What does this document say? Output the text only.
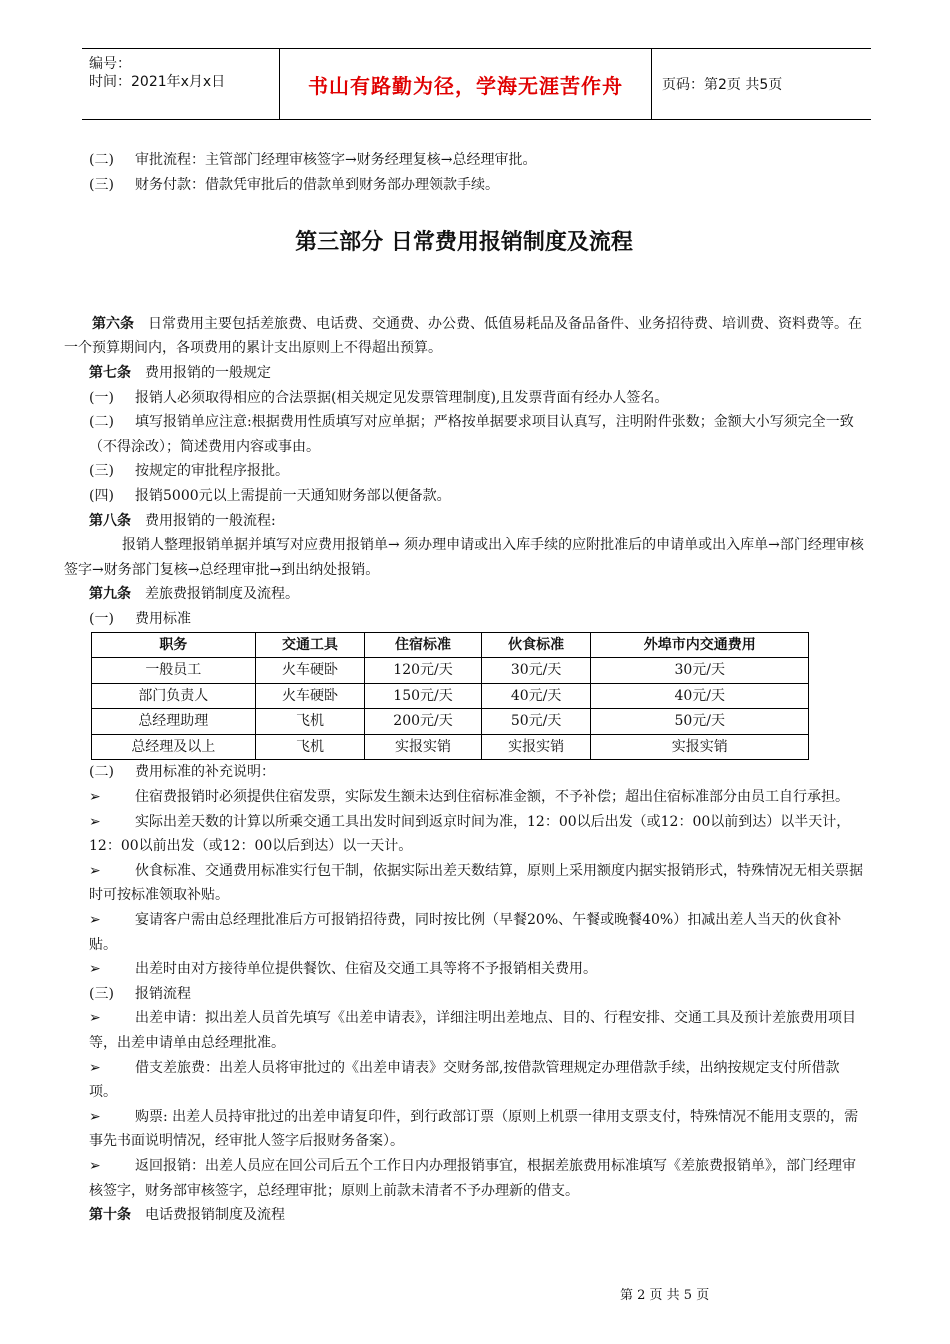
编号：
时间：2021年x月x日	书山有路勤为径，学海无涯苦作舟	页码：第2页 共5页

(二) 审批流程：主管部门经理审核签字→财务经理复核→总经理审批。

(三) 财务付款：借款凭审批后的借款单到财务部办理领款手续。

第三部分 日常费用报销制度及流程

第六条 日常费用主要包括差旅费、电话费、交通费、办公费、低值易耗品及备品备件、业务招待费、培训费、资料费等。在一个预算期间内，各项费用的累计支出原则上不得超出预算。

第七条 费用报销的一般规定

(一) 报销人必须取得相应的合法票据(相关规定见发票管理制度),且发票背面有经办人签名。

(二) 填写报销单应注意:根据费用性质填写对应单据；严格按单据要求项目认真写，注明附件张数；金额大小写须完全一致（不得涂改）；简述费用内容或事由。

(三) 按规定的审批程序报批。

(四) 报销5000元以上需提前一天通知财务部以便备款。

第八条 费用报销的一般流程:

报销人整理报销单据并填写对应费用报销单→ 须办理申请或出入库手续的应附批准后的申请单或出入库单→部门经理审核签字→财务部门复核→总经理审批→到出纳处报销。

第九条 差旅费报销制度及流程。

(一) 费用标准

职务	交通工具	住宿标准	伙食标准	外埠市内交通费用
一般员工	火车硬卧	120元/天	30元/天	30元/天
部门负责人	火车硬卧	150元/天	40元/天	40元/天
总经理助理	飞机	200元/天	50元/天	50元/天
总经理及以上	飞机	实报实销	实报实销	实报实销

(二) 费用标准的补充说明：

➢ 住宿费报销时必须提供住宿发票，实际发生额未达到住宿标准金额，不予补偿；超出住宿标准部分由员工自行承担。

➢ 实际出差天数的计算以所乘交通工具出发时间到返京时间为准，12：00以后出发（或12：00以前到达）以半天计，12：00以前出发（或12：00以后到达）以一天计。

➢ 伙食标准、交通费用标准实行包干制，依据实际出差天数结算，原则上采用额度内据实报销形式，特殊情况无相关票据时可按标准领取补贴。

➢ 宴请客户需由总经理批准后方可报销招待费，同时按比例（早餐20%、午餐或晚餐40%）扣减出差人当天的伙食补贴。

➢ 出差时由对方接待单位提供餐饮、住宿及交通工具等将不予报销相关费用。

(三) 报销流程

➢ 出差申请：拟出差人员首先填写《出差申请表》，详细注明出差地点、目的、行程安排、交通工具及预计差旅费用项目等，出差申请单由总经理批准。

➢ 借支差旅费：出差人员将审批过的《出差申请表》交财务部,按借款管理规定办理借款手续，出纳按规定支付所借款项。

➢ 购票: 出差人员持审批过的出差申请复印件，到行政部订票（原则上机票一律用支票支付，特殊情况不能用支票的，需事先书面说明情况，经审批人签字后报财务备案）。

➢ 返回报销：出差人员应在回公司后五个工作日内办理报销事宜，根据差旅费用标准填写《差旅费报销单》，部门经理审核签字，财务部审核签字，总经理审批；原则上前款未清者不予办理新的借支。

第十条 电话费报销制度及流程

第 2 页 共 5 页
